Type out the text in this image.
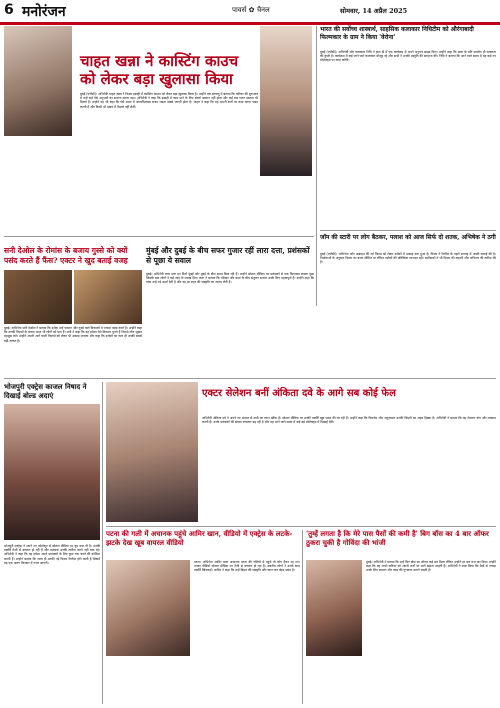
6 मनोरंजन	पावर्स ✿ चैनल	सोमवार, 14 अप्रैल 2025
चाहत खन्ना ने कास्टिंग काउच
को लेकर बड़ा खुलासा किया
मुंबई (एजेंसी)। अभिनेत्री चाहत खन्ना ने फिल्म इंडस्ट्री में कास्टिंग काउच को लेकर बड़ा खुलासा किया है। उन्होंने एक इंटरव्यू में बताया कि करियर की शुरुआत में उन्हें कई ऐसे अनुभवों का सामना करना पड़ा। अभिनेत्री ने कहा कि इंडस्ट्री में काम पाने के लिए संघर्ष आसान नहीं होता और कई बार गलत प्रस्ताव भी मिलते हैं। उन्होंने यह भी कहा कि ऐसे समय में आत्मविश्वास बनाए रखना सबसे जरूरी होता है। चाहत ने कहा कि वह अपनी शर्तों पर काम करना पसंद करती हैं और किसी भी दबाव में फैसले नहीं लेतीं।
भारत की सर्वोच्च शास्त्रार्थ, साहसिक कलाकार निधिटीम को औरंगाबादी फिल्मकार के ग्राम ने किया 'वेरोना'
मुंबई (एजेंसी)। अभिनेत्री और कलाकार निधि ने हाल ही में एक कार्यक्रम में अपने अनुभव साझा किए। उन्होंने कहा कि कला के प्रति समर्पण ही सफलता की कुंजी है। कार्यक्रम में कई जाने-माने कलाकार मौजूद रहे और सभी ने उनकी प्रस्तुति की सराहना की। निधि ने बताया कि आने वाले समय में वह कई नए प्रोजेक्ट्स पर काम करेंगी।
जॉन की स्टारी पर लोग बैठकर, पलाश को आज सिर्फ दो शतक, अभिषेक ने ठगी
मुंबई (एजेंसी)। अभिनेता जॉन अब्राहम की नई फिल्म को लेकर दर्शकों में उत्साह बना हुआ है। फिल्म ने रिलीज के पहले सप्ताह में अच्छी कमाई की है। निर्माताओं के अनुसार फिल्म का बजट सीमित था लेकिन दर्शकों की प्रतिक्रिया शानदार रही। समीक्षकों ने भी फिल्म की कहानी और अभिनय की तारीफ की है।
सनी देओल के रोमांस के बजाय गुस्से को क्यों पसंद करते हैं फैंस? एक्टर ने खुद बताई वजह
मुंबई। अभिनेता सनी देओल ने बताया कि दर्शक उन्हें एक्शन और गुस्से वाले किरदारों में ज्यादा पसंद करते हैं। उन्होंने कहा कि उनकी फिल्मों के संवाद आज भी लोगों को याद हैं। सनी ने कहा कि वह हमेशा ऐसे किरदार चुनते हैं जिनसे लोग जुड़ाव महसूस करें। उन्होंने अपनी आने वाली फिल्मों को लेकर भी उत्साह जताया और कहा कि दर्शकों का प्यार ही उनकी सबसे बड़ी ताकत है।
मुंबई और दुबई के बीच सफर गुजार रहीं लारा दत्ता, प्रशंसकों से पूछा ये सवाल
मुंबई। अभिनेत्री लारा दत्ता इन दिनों मुंबई और दुबई के बीच समय बिता रही हैं। उन्होंने सोशल मीडिया पर प्रशंसकों से एक दिलचस्प सवाल पूछा जिसके बाद लोगों ने कई तरह के जवाब दिए। लारा ने बताया कि परिवार और काम के बीच संतुलन बनाना उनके लिए महत्वपूर्ण है। उन्होंने कहा कि यात्रा उन्हें नई ऊर्जा देती है और वह हर शहर की संस्कृति का आनंद लेती हैं।
भोजपुरी एक्ट्रेस काजल निषाद ने दिखाई बोल्ड अदाएं
भोजपुरी एक्ट्रेस ने अपने नए फोटोशूट से सोशल मीडिया पर धूम मचा दी है। उनकी तस्वीरें तेजी से वायरल हो रही हैं और प्रशंसक उनकी तारीफ करते नहीं थक रहे। अभिनेत्री ने कहा कि वह हमेशा अपने प्रशंसकों के लिए कुछ नया करने की कोशिश करती हैं। उन्होंने बताया कि जल्द ही उनकी नई फिल्म रिलीज होने वाली है जिसमें वह एक अलग किरदार में नजर आएंगी।
एक्टर सेलेशन बनीं अंकिता दवे के आगे सब कोई फेल
अभिनेत्री अंकिता दवे ने अपने नए अंदाज से सभी का ध्यान खींचा है। सोशल मीडिया पर उनकी तस्वीरें खूब पसंद की जा रही हैं। उन्होंने कहा कि फिटनेस और अनुशासन उनकी जिंदगी का अहम हिस्सा है। अभिनेत्री ने बताया कि वह रोजाना योग और व्यायाम करती हैं। उनके प्रशंसकों की संख्या लगातार बढ़ रही है और वह आने वाले समय में कई बड़े प्रोजेक्ट्स में दिखाई देंगी।
पटना की गली में अचानक पहुंचे आमिर खान, वीडियो में एक्ट्रेस के लटके-झटके देख खूब वायरल वीडियो
पटना। अभिनेता आमिर खान अचानक पटना की गलियों में पहुंचे तो लोग हैरान रह गए। उनका वीडियो सोशल मीडिया पर तेजी से वायरल हो रहा है। स्थानीय लोगों ने उनके साथ तस्वीरें खिंचवाईं। आमिर ने कहा कि उन्हें बिहार की संस्कृति और खान-पान बेहद पसंद है।
'तुम्हें लगता है कि मेरे पास पैसों की कमी है' बिग बॉस का 4 बार ऑफर ठुकरा चुकी है गोविंदा की भांजी
मुंबई। अभिनेत्री ने बताया कि उन्हें बिग बॉस का ऑफर कई बार मिला लेकिन उन्होंने हर बार मना कर दिया। उन्होंने कहा कि वह अपने करियर को अपनी शर्तों पर आगे बढ़ाना चाहती हैं। अभिनेत्री ने स्पष्ट किया कि पैसों से ज्यादा उनके लिए सम्मान और काम की गुणवत्ता मायने रखती है।
